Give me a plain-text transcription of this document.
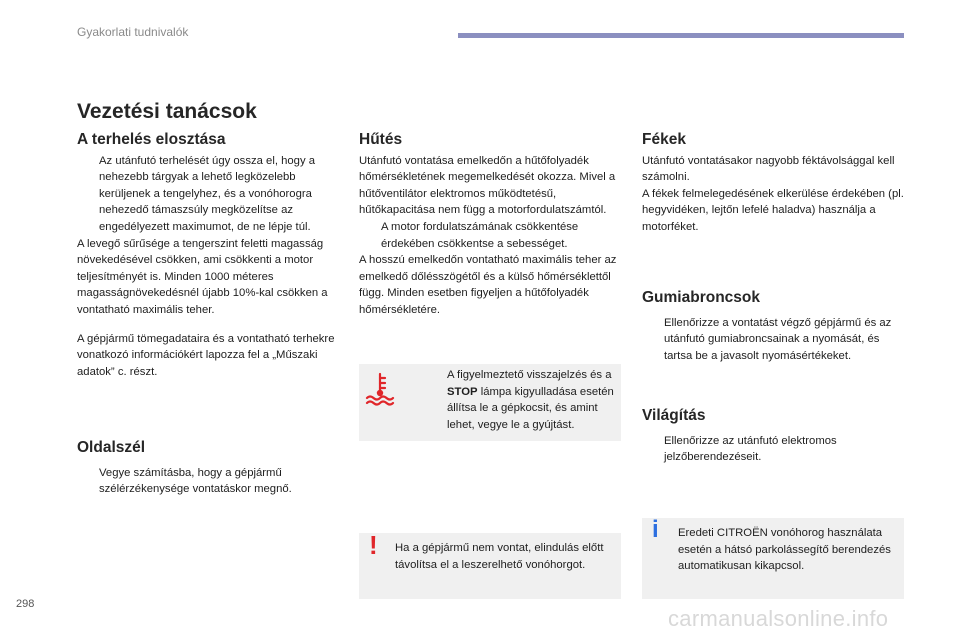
Gyakorlati tudnivalók
Vezetési tanácsok
A terhelés elosztása

Az utánfutó terhelését úgy ossza el, hogy a nehezebb tárgyak a lehető legközelebb kerüljenek a tengelyhez, és a vonóhorogra nehezedő támaszsúly megközelítse az engedélyezett maximumot, de ne lépje túl.

A levegő sűrűsége a tengerszint feletti magasság növekedésével csökken, ami csökkenti a motor teljesítményét is. Minden 1000 méteres magasságnövekedésnél újabb 10%-kal csökken a vontatható maximális teher.

A gépjármű tömegadataira és a vontatható terhekre vonatkozó információkért lapozza fel a „Műszaki adatok” c. részt.

Oldalszél

Vegye számításba, hogy a gépjármű szélérzékenysége vontatáskor megnő.

Hűtés

Utánfutó vontatása emelkedőn a hűtőfolyadék hőmérsékletének megemelkedését okozza. Mivel a hűtőventilátor elektromos működtetésű, hűtőkapacitása nem függ a motorfordulatszámtól.

A motor fordulatszámának csökkentése érdekében csökkentse a sebességet.

A hosszú emelkedőn vontatható maximális teher az emelkedő dőlésszögétől és a külső hőmérséklettől függ. Minden esetben figyeljen a hűtőfolyadék hőmérsékletére.

A figyelmeztető visszajelzés és a STOP lámpa kigyulladása esetén állítsa le a gépkocsit, és amint lehet, vegye le a gyújtást.

! Ha a gépjármű nem vontat, elindulás előtt távolítsa el a leszerelhető vonóhorgot.
Fékek

Utánfutó vontatásakor nagyobb féktávolsággal kell számolni.

A fékek felmelegedésének elkerülése érdekében (pl. hegyvidéken, lejtőn lefelé haladva) használja a motorféket.

Gumiabroncsok

Ellenőrizze a vontatást végző gépjármű és az utánfutó gumiabroncsainak a nyomását, és tartsa be a javasolt nyomásértékeket.

Világítás

Ellenőrizze az utánfutó elektromos jelzőberendezéseit.

i Eredeti CITROËN vonóhorog használata esetén a hátsó parkolássegítő berendezés automatikusan kikapcsol.
298
carmanualsonline.info
